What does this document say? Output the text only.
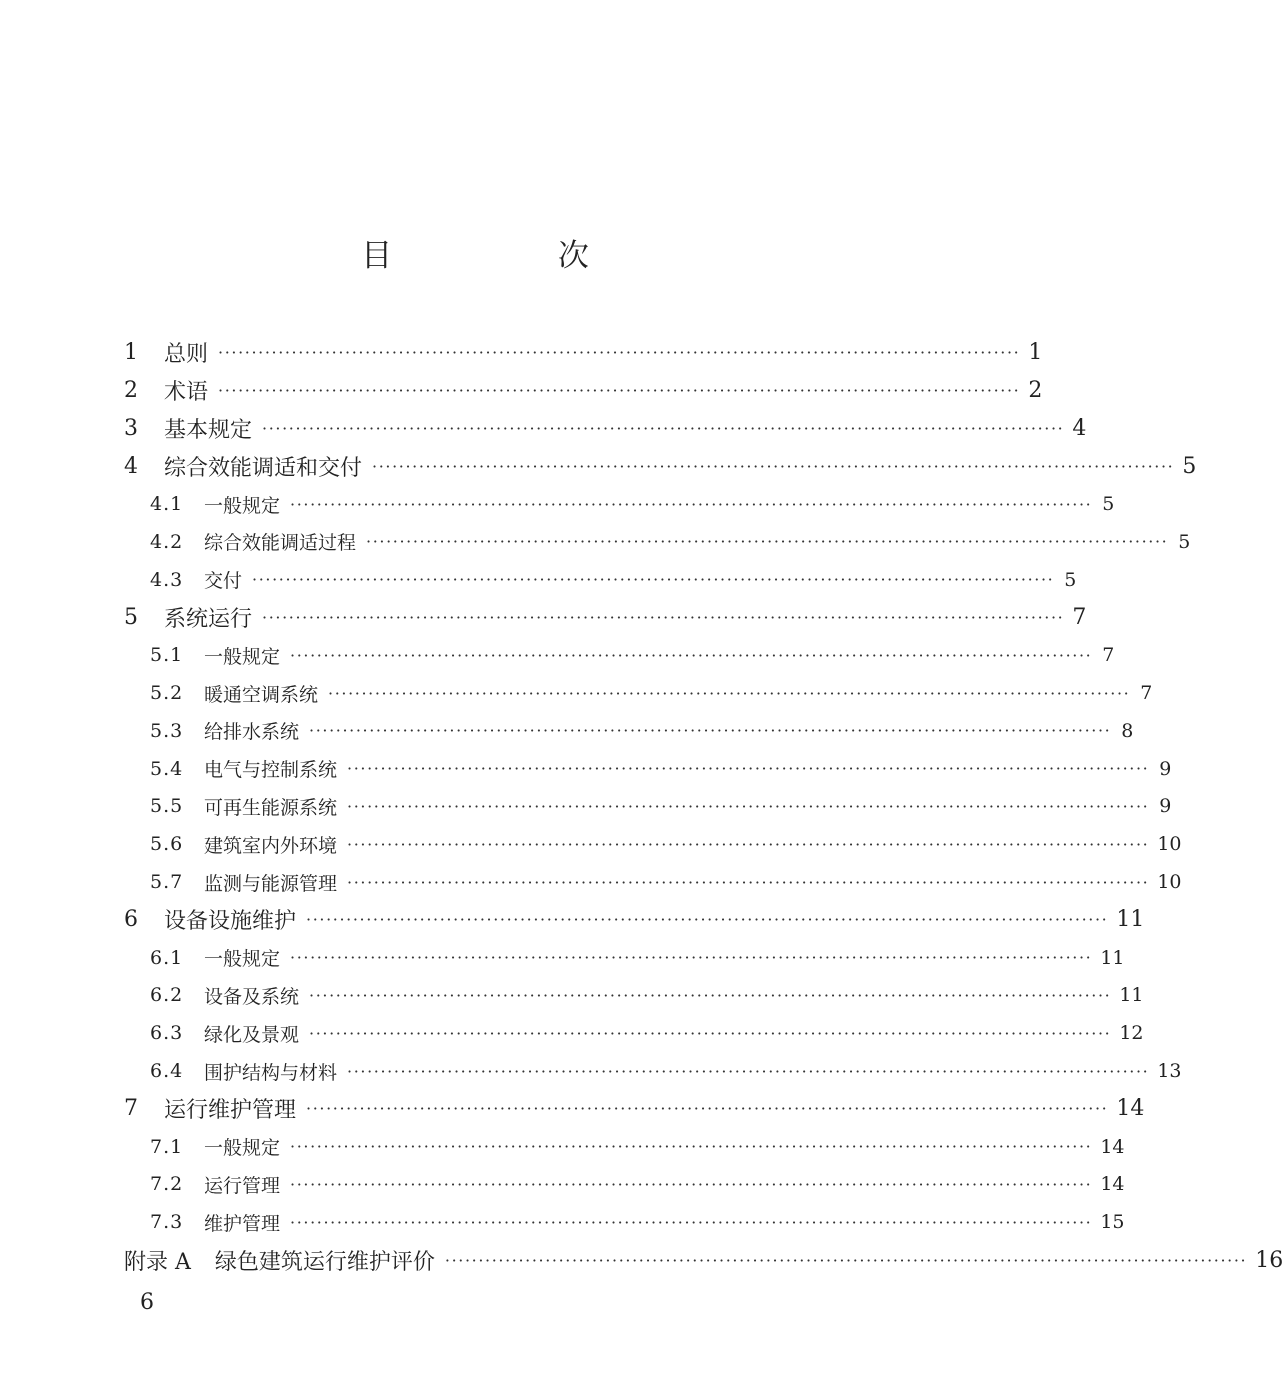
目 次
1	总则 ························································································································ 1
2	术语 ························································································································ 2
3	基本规定 ························································································································ 4
4	综合效能调适和交付 ························································································································ 5
4.1	一般规定 ························································································································ 5
4.2	综合效能调适过程 ························································································································ 5
4.3	交付 ························································································································ 5
5	系统运行 ························································································································ 7
5.1	一般规定 ························································································································ 7
5.2	暖通空调系统 ························································································································ 7
5.3	给排水系统 ························································································································ 8
5.4	电气与控制系统 ························································································································ 9
5.5	可再生能源系统 ························································································································ 9
5.6	建筑室内外环境 ························································································································ 10
5.7	监测与能源管理 ························································································································ 10
6	设备设施维护 ························································································································ 11
6.1	一般规定 ························································································································ 11
6.2	设备及系统 ························································································································ 11
6.3	绿化及景观 ························································································································ 12
6.4	围护结构与材料 ························································································································ 13
7	运行维护管理 ························································································································ 14
7.1	一般规定 ························································································································ 14
7.2	运行管理 ························································································································ 14
7.3	维护管理 ························································································································ 15
附录 A 绿色建筑运行维护评价 ························································································································ 16
6
